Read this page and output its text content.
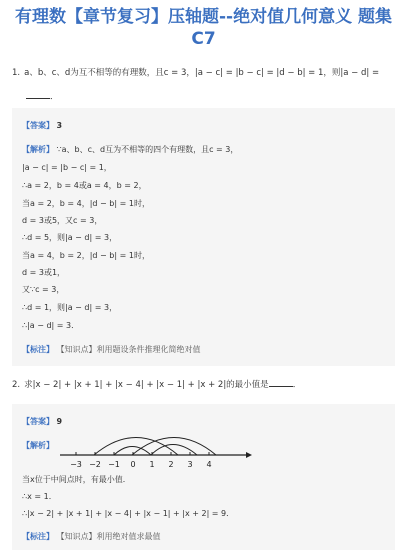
有理数【章节复习】压轴题--绝对值几何意义 题集C7
1. a、b、c、d为互不相等的有理数，且c = 3，|a − c| = |b − c| = |d − b| = 1，则|a − d| =
．
【答案】 3
【解析】 ∵a、b、c、d互为不相等的四个有理数，且c = 3，
|a − c| = |b − c| = 1，
∴a = 2，b = 4或a = 4，b = 2，
当a = 2，b = 4，|d − b| = 1时，
d = 3或5，又c = 3，
∴d = 5，则|a − d| = 3，
当a = 4，b = 2，|d − b| = 1时，
d = 3或1，
又∵c = 3，
∴d = 1，则|a − d| = 3，
∴|a − d| = 3．
【标注】 【知识点】利用题设条件推理化简绝对值
2. 求|x − 2| + |x + 1| + |x − 4| + |x − 1| + |x + 2|的最小值是	．
【答案】 9
【解析】
−3 −2 −1 0 1 2 3 4
当x位于中间点时，有最小值．
∴x = 1．
∴|x − 2| + |x + 1| + |x − 4| + |x − 1| + |x + 2| = 9．
【标注】 【知识点】利用绝对值求最值
